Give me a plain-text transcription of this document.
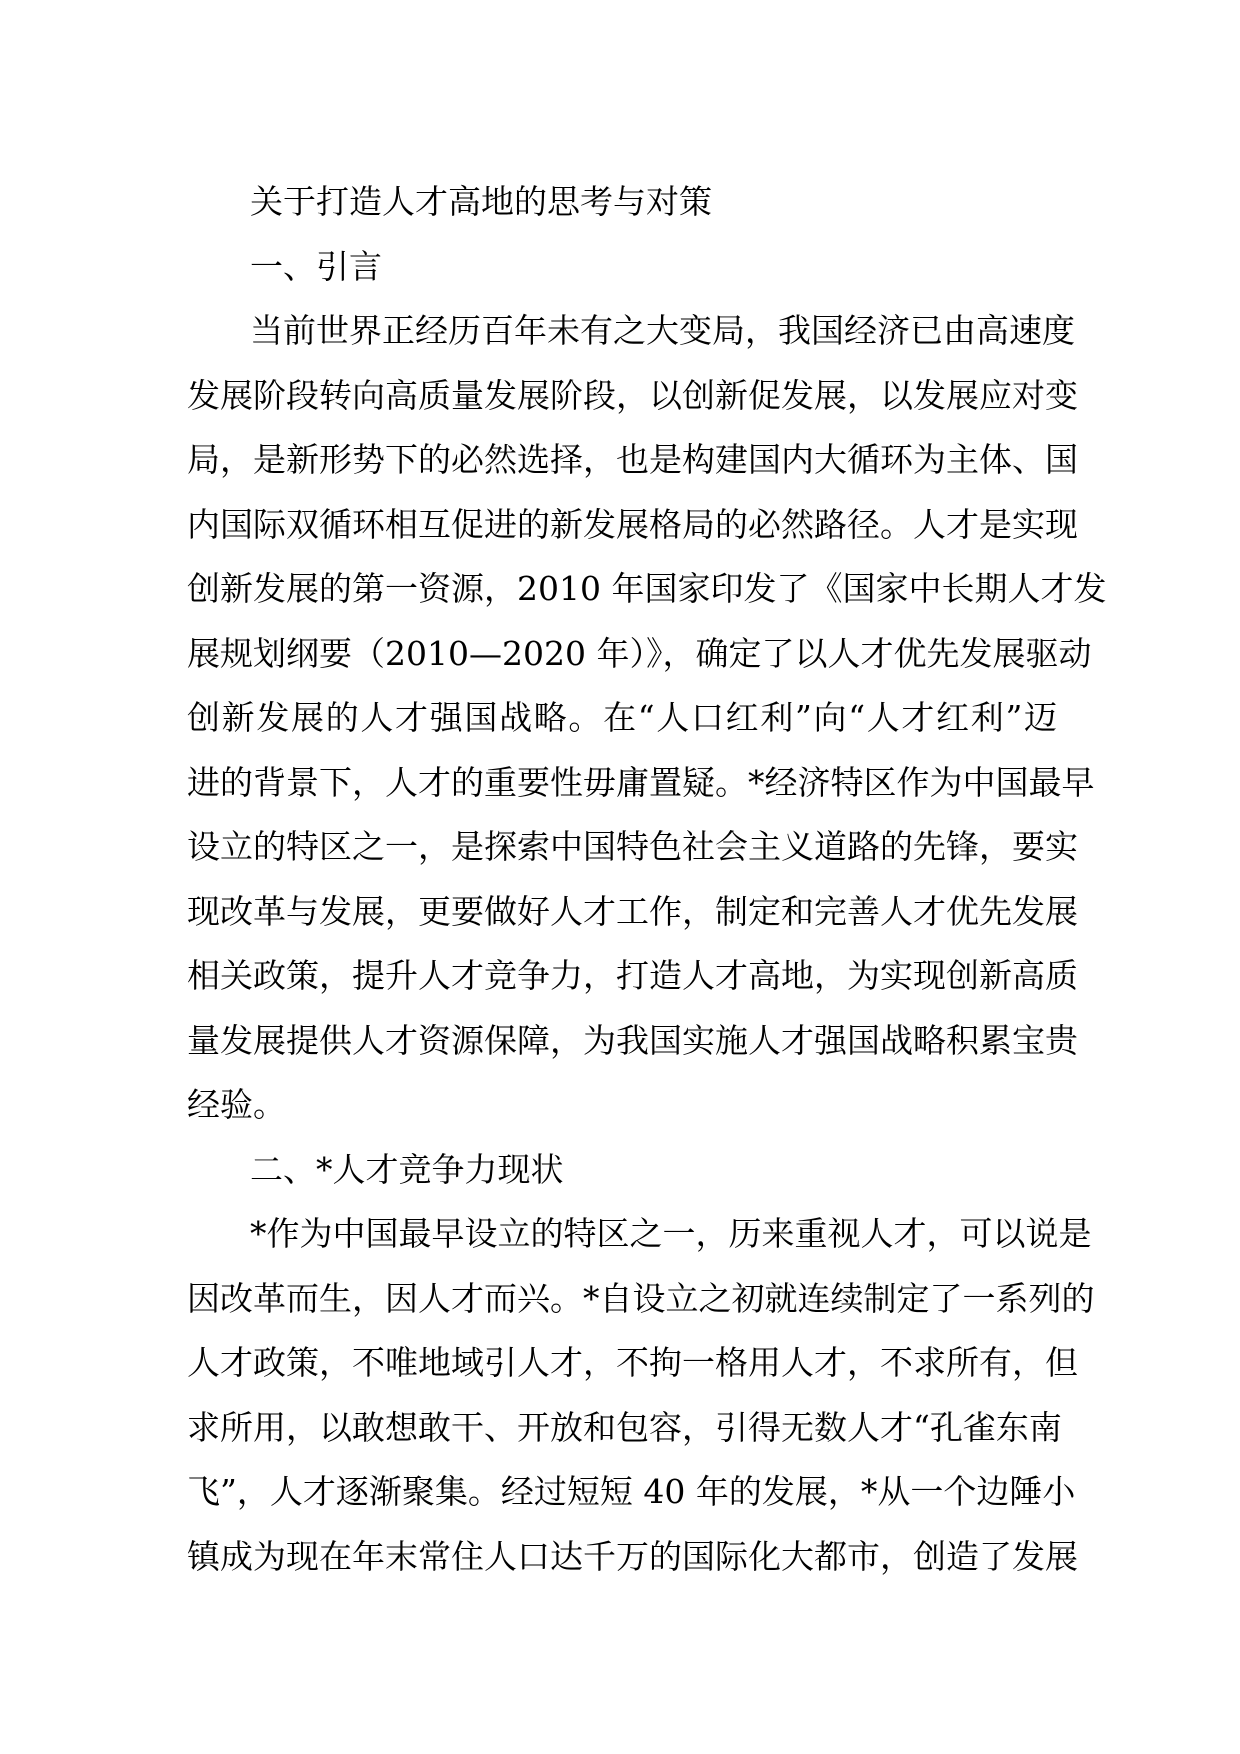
关于打造人才高地的思考与对策
一、引言
当前世界正经历百年未有之大变局，我国经济已由高速度
发展阶段转向高质量发展阶段，以创新促发展，以发展应对变
局，是新形势下的必然选择，也是构建国内大循环为主体、国
内国际双循环相互促进的新发展格局的必然路径。人才是实现
创新发展的第一资源，2010 年国家印发了《国家中长期人才发
展规划纲要（2010—2020 年）》，确定了以人才优先发展驱动
创新发展的人才强国战略。在“人口红利”向“人才红利”迈
进的背景下，人才的重要性毋庸置疑。*经济特区作为中国最早
设立的特区之一，是探索中国特色社会主义道路的先锋，要实
现改革与发展，更要做好人才工作，制定和完善人才优先发展
相关政策，提升人才竞争力，打造人才高地，为实现创新高质
量发展提供人才资源保障，为我国实施人才强国战略积累宝贵
经验。
二、*人才竞争力现状
*作为中国最早设立的特区之一，历来重视人才，可以说是
因改革而生，因人才而兴。*自设立之初就连续制定了一系列的
人才政策，不唯地域引人才，不拘一格用人才，不求所有，但
求所用，以敢想敢干、开放和包容，引得无数人才“孔雀东南
飞”，人才逐渐聚集。经过短短 40 年的发展，*从一个边陲小
镇成为现在年末常住人口达千万的国际化大都市，创造了发展
